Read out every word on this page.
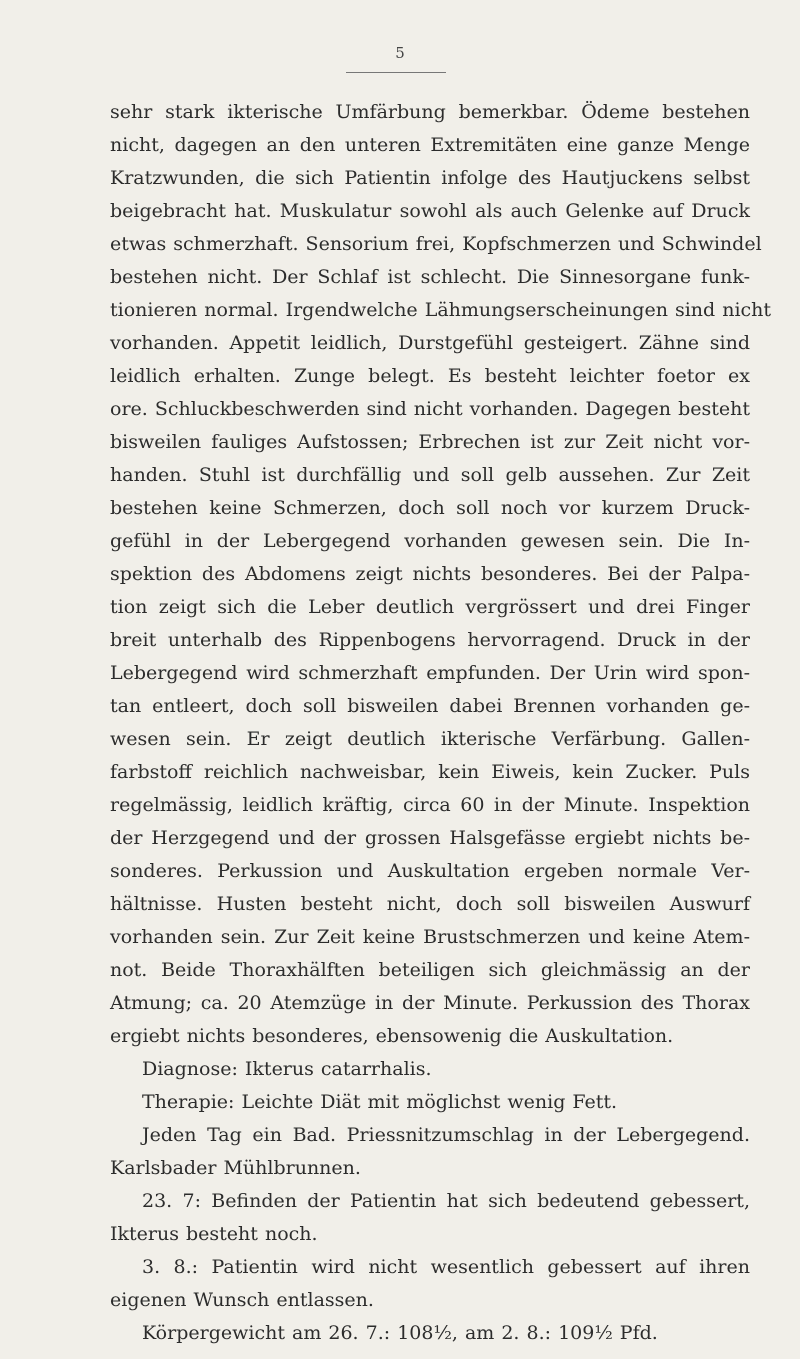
5
sehr stark ikterische Umfärbung bemerkbar. Ödeme bestehen
nicht, dagegen an den unteren Extremitäten eine ganze Menge
Kratzwunden, die sich Patientin infolge des Hautjuckens selbst
beigebracht hat. Muskulatur sowohl als auch Gelenke auf Druck
etwas schmerzhaft. Sensorium frei, Kopfschmerzen und Schwindel
bestehen nicht. Der Schlaf ist schlecht. Die Sinnesorgane funk-
tionieren normal. Irgendwelche Lähmungserscheinungen sind nicht
vorhanden. Appetit leidlich, Durstgefühl gesteigert. Zähne sind
leidlich erhalten. Zunge belegt. Es besteht leichter foetor ex
ore. Schluckbeschwerden sind nicht vorhanden. Dagegen besteht
bisweilen fauliges Aufstossen; Erbrechen ist zur Zeit nicht vor-
handen. Stuhl ist durchfällig und soll gelb aussehen. Zur Zeit
bestehen keine Schmerzen, doch soll noch vor kurzem Druck-
gefühl in der Lebergegend vorhanden gewesen sein. Die In-
spektion des Abdomens zeigt nichts besonderes. Bei der Palpa-
tion zeigt sich die Leber deutlich vergrössert und drei Finger
breit unterhalb des Rippenbogens hervorragend. Druck in der
Lebergegend wird schmerzhaft empfunden. Der Urin wird spon-
tan entleert, doch soll bisweilen dabei Brennen vorhanden ge-
wesen sein. Er zeigt deutlich ikterische Verfärbung. Gallen-
farbstoff reichlich nachweisbar, kein Eiweis, kein Zucker. Puls
regelmässig, leidlich kräftig, circa 60 in der Minute. Inspektion
der Herzgegend und der grossen Halsgefässe ergiebt nichts be-
sonderes. Perkussion und Auskultation ergeben normale Ver-
hältnisse. Husten besteht nicht, doch soll bisweilen Auswurf
vorhanden sein. Zur Zeit keine Brustschmerzen und keine Atem-
not. Beide Thoraxhälften beteiligen sich gleichmässig an der
Atmung; ca. 20 Atemzüge in der Minute. Perkussion des Thorax
ergiebt nichts besonderes, ebensowenig die Auskultation.
Diagnose: Ikterus catarrhalis.
Therapie: Leichte Diät mit möglichst wenig Fett.
Jeden Tag ein Bad. Priessnitzumschlag in der Lebergegend.
Karlsbader Mühlbrunnen.
23. 7: Befinden der Patientin hat sich bedeutend gebessert,
Ikterus besteht noch.
3. 8.: Patientin wird nicht wesentlich gebessert auf ihren
eigenen Wunsch entlassen.
Körpergewicht am 26. 7.: 108½, am 2. 8.: 109½ Pfd.
